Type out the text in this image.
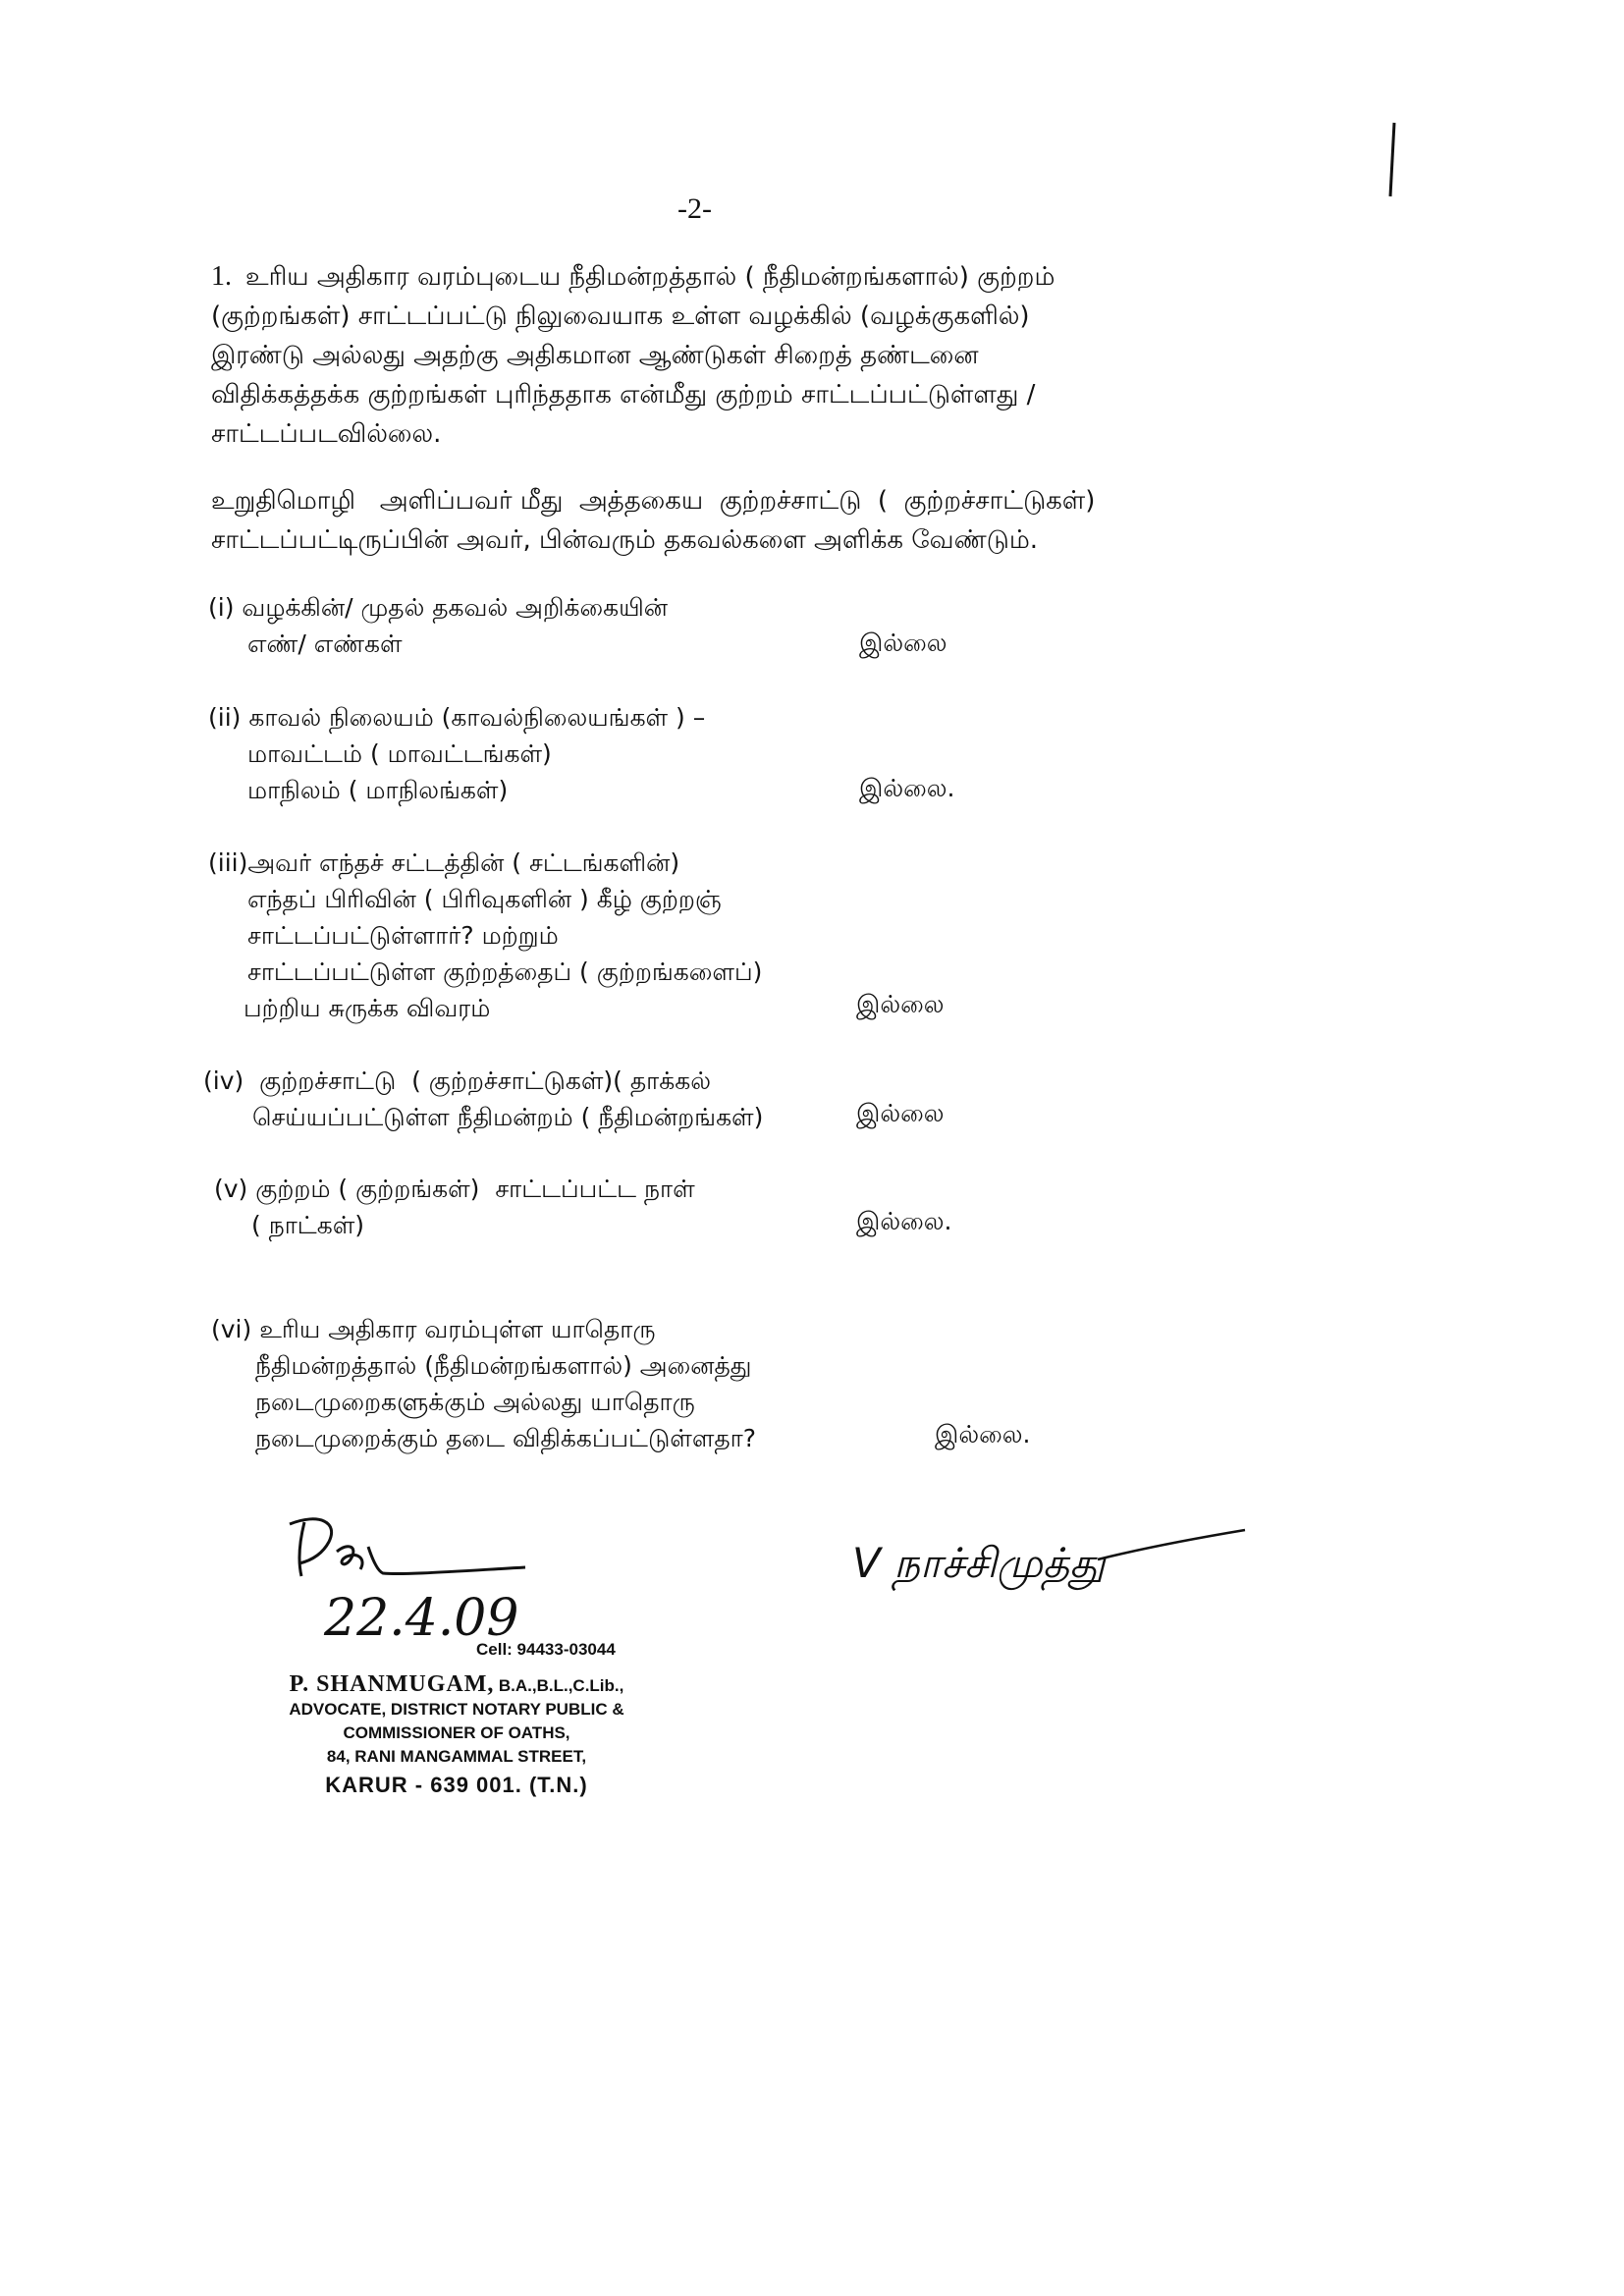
-2-
1. உரிய அதிகார வரம்புடைய நீதிமன்றத்தால் ( நீதிமன்றங்களால்) குற்றம்
(குற்றங்கள்) சாட்டப்பட்டு நிலுவையாக உள்ள வழக்கில் (வழக்குகளில்)
இரண்டு அல்லது அதற்கு அதிகமான ஆண்டுகள் சிறைத் தண்டனை
விதிக்கத்தக்க குற்றங்கள் புரிந்ததாக என்மீது குற்றம் சாட்டப்பட்டுள்ளது /
சாட்டப்படவில்லை.
உறுதிமொழி   அளிப்பவர் மீது  அத்தகைய  குற்றச்சாட்டு  (  குற்றச்சாட்டுகள்)
சாட்டப்பட்டிருப்பின் அவர், பின்வரும் தகவல்களை அளிக்க வேண்டும்.
(i) வழக்கின்/ முதல் தகவல் அறிக்கையின்
எண்/ எண்கள்	இல்லை
(ii) காவல் நிலையம் (காவல்நிலையங்கள் ) –
மாவட்டம் ( மாவட்டங்கள்)
மாநிலம் ( மாநிலங்கள்)	இல்லை.
(iii)அவர் எந்தச் சட்டத்தின் ( சட்டங்களின்)
எந்தப் பிரிவின் ( பிரிவுகளின் ) கீழ் குற்றஞ்
சாட்டப்பட்டுள்ளார்? மற்றும்
சாட்டப்பட்டுள்ள குற்றத்தைப் ( குற்றங்களைப்)
பற்றிய சுருக்க விவரம்	இல்லை
(iv)  குற்றச்சாட்டு  ( குற்றச்சாட்டுகள்)( தாக்கல்
செய்யப்பட்டுள்ள நீதிமன்றம் ( நீதிமன்றங்கள்)	இல்லை
(v) குற்றம் ( குற்றங்கள்)  சாட்டப்பட்ட நாள்
( நாட்கள்)	இல்லை.
(vi) உரிய அதிகார வரம்புள்ள யாதொரு
நீதிமன்றத்தால் (நீதிமன்றங்களால்) அனைத்து
நடைமுறைகளுக்கும் அல்லது யாதொரு
நடைமுறைக்கும் தடை விதிக்கப்பட்டுள்ளதா?	இல்லை.
22.4.09
Cell: 94433-03044
P. SHANMUGAM, B.A.,B.L.,C.Lib.,
ADVOCATE, DISTRICT NOTARY PUBLIC &
COMMISSIONER OF OATHS,
84, RANI MANGAMMAL STREET,
KARUR - 639 001. (T.N.)
V நாச்சிமுத்து
